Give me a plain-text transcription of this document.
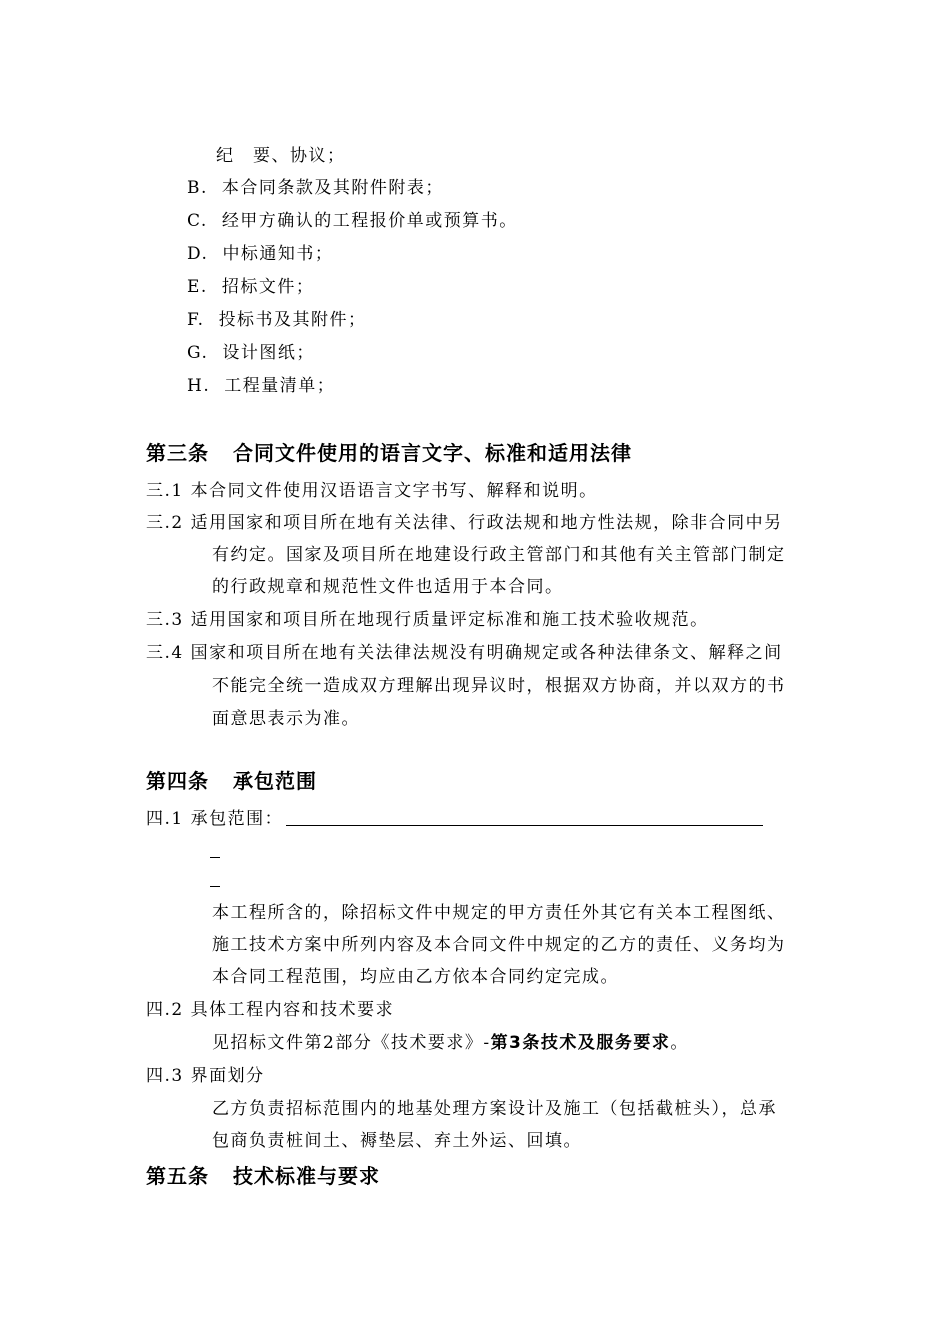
纪　要、协议；
B. 本合同条款及其附件附表；
C. 经甲方确认的工程报价单或预算书。
D. 中标通知书；
E. 招标文件；
F. 投标书及其附件；
G. 设计图纸；
H. 工程量清单；
第三条 合同文件使用的语言文字、标准和适用法律
三.1 本合同文件使用汉语语言文字书写、解释和说明。
三.2 适用国家和项目所在地有关法律、行政法规和地方性法规，除非合同中另
有约定。国家及项目所在地建设行政主管部门和其他有关主管部门制定
的行政规章和规范性文件也适用于本合同。
三.3 适用国家和项目所在地现行质量评定标准和施工技术验收规范。
三.4 国家和项目所在地有关法律法规没有明确规定或各种法律条文、解释之间
不能完全统一造成双方理解出现异议时，根据双方协商，并以双方的书
面意思表示为准。
第四条 承包范围
四.1 承包范围：
本工程所含的，除招标文件中规定的甲方责任外其它有关本工程图纸、
施工技术方案中所列内容及本合同文件中规定的乙方的责任、义务均为
本合同工程范围，均应由乙方依本合同约定完成。
四.2 具体工程内容和技术要求
见招标文件第2部分《技术要求》-第3条技术及服务要求。
四.3 界面划分
乙方负责招标范围内的地基处理方案设计及施工（包括截桩头），总承
包商负责桩间土、褥垫层、弃土外运、回填。
第五条 技术标准与要求
